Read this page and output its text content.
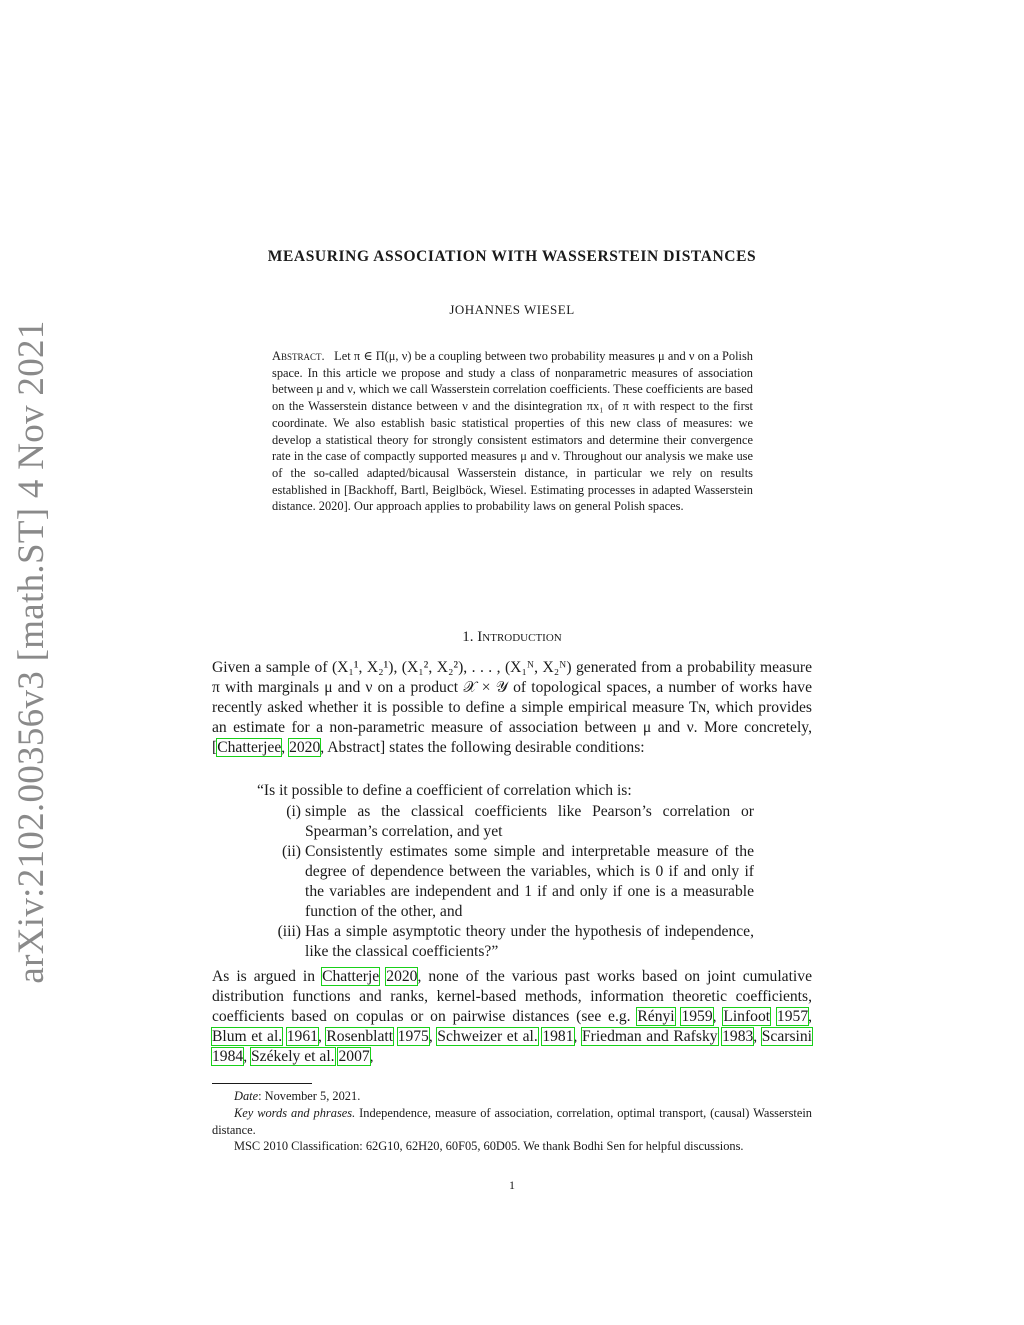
arXiv:2102.00356v3 [math.ST] 4 Nov 2021
MEASURING ASSOCIATION WITH WASSERSTEIN DISTANCES
JOHANNES WIESEL
Abstract. Let π ∈ Π(μ, ν) be a coupling between two probability measures μ and ν on a Polish space. In this article we propose and study a class of nonparametric measures of association between μ and ν, which we call Wasserstein correlation coefficients. These coefficients are based on the Wasserstein distance between ν and the disintegration πx₁ of π with respect to the first coordinate. We also establish basic statistical properties of this new class of measures: we develop a statistical theory for strongly consistent estimators and determine their convergence rate in the case of compactly supported measures μ and ν. Throughout our analysis we make use of the so-called adapted/bicausal Wasserstein distance, in particular we rely on results established in [Backhoff, Bartl, Beiglböck, Wiesel. Estimating processes in adapted Wasserstein distance. 2020]. Our approach applies to probability laws on general Polish spaces.
1. Introduction
Given a sample of (X₁¹, X₂¹), (X₁², X₂²), . . . , (X₁ᴺ, X₂ᴺ) generated from a probability measure π with marginals μ and ν on a product 𝒳 × 𝒴 of topological spaces, a number of works have recently asked whether it is possible to define a simple empirical measure Tɴ, which provides an estimate for a non-parametric measure of association between μ and ν. More concretely, [Chatterjee, 2020, Abstract] states the following desirable conditions:
“Is it possible to define a coefficient of correlation which is:
(i) simple as the classical coefficients like Pearson’s correlation or Spearman’s correlation, and yet
(ii) Consistently estimates some simple and interpretable measure of the degree of dependence between the variables, which is 0 if and only if the variables are independent and 1 if and only if one is a measurable function of the other, and
(iii) Has a simple asymptotic theory under the hypothesis of independence, like the classical coefficients?”
As is argued in Chatterje 2020, none of the various past works based on joint cumulative distribution functions and ranks, kernel-based methods, information theoretic coefficients, coefficients based on copulas or on pairwise distances (see e.g. Rényi 1959, Linfoot 1957, Blum et al. 1961, Rosenblatt 1975, Schweizer et al. 1981, Friedman and Rafsky 1983, Scarsini 1984, Székely et al. 2007,
Date: November 5, 2021.
Key words and phrases. Independence, measure of association, correlation, optimal transport, (causal) Wasserstein distance.
MSC 2010 Classification: 62G10, 62H20, 60F05, 60D05. We thank Bodhi Sen for helpful discussions.
1
